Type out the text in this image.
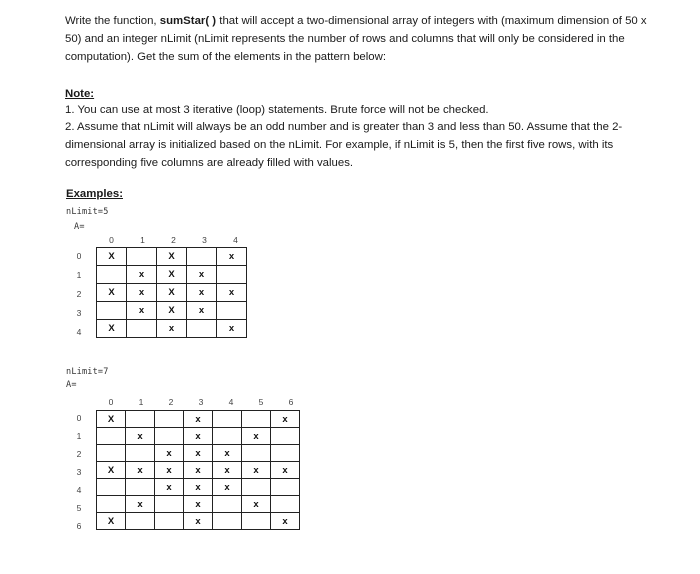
Write the function, sumStar( ) that will accept a two-dimensional array of integers with (maximum dimension of 50 x 50) and an integer nLimit (nLimit represents the number of rows and columns that will only be considered in the computation). Get the sum of the elements in the pattern below:
Note:
1. You can use at most 3 iterative (loop) statements. Brute force will not be checked.
2. Assume that nLimit will always be an odd number and is greater than 3 and less than 50. Assume that the 2-dimensional array is initialized based on the nLimit. For example, if nLimit is 5, then the first five rows, with its corresponding five columns are already filled with values.
Examples:
nLimit=5
A=
0	1	2	3	4
0
1
2
3
4
X		X		x
	x	X	x	
X	x	X	x	x
	x	X	x	
X		x		x
nLimit=7
A=
0	1	2	3	4	5	6
0
1
2
3
4
5
6
X			x			x
	x		x		x	
		x	x	x		
X	x	x	x	x	x	x
		x	x	x		
	x		x		x	
X			x			x
